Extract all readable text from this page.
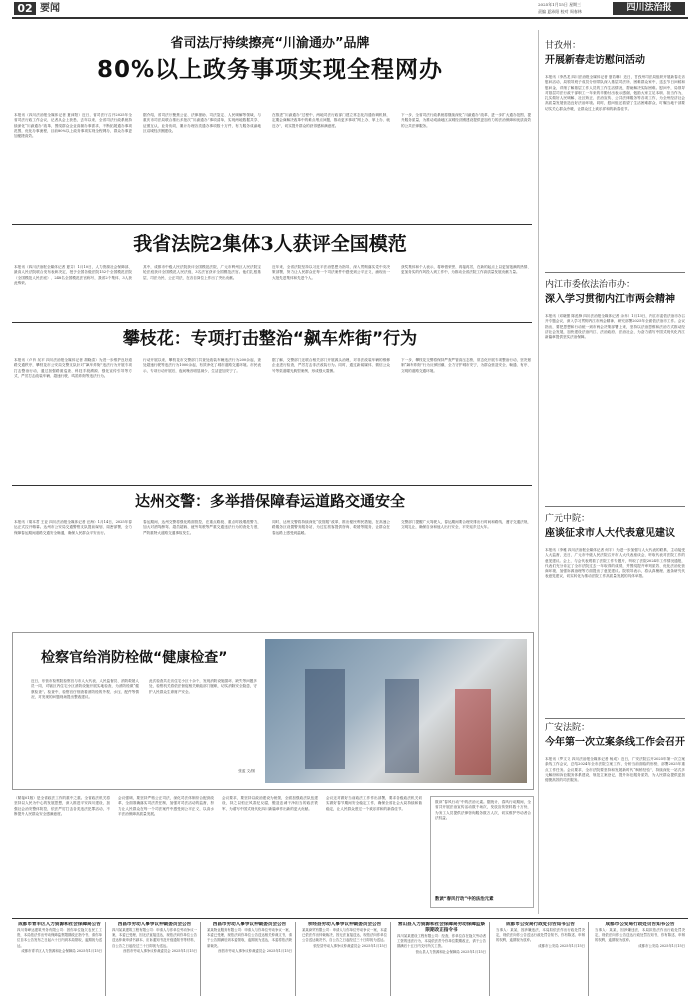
02 要闻	2025年1月15日 星期三
责编 夏沛阳 校对 周春林	四川法治报
省司法厅持续擦亮“川渝通办”品牌
80%以上政务事项实现全程网办
本报讯（四川法治报全媒体记者 夏沛阳）近日，省司法厅召开2025年全省司法行政工作会议，记者从会上获悉，去年以来，全省司法行政系统持续深化“川渝通办”改革，围绕群众企业高频办事需求，不断拓展通办事项范围，优化办事流程，目前80%以上政务事项实现全程网办，群众办事更加便捷高效。
据介绍，省司法厅聚焦公证、法律援助、司法鉴定、人民调解等领域，与重庆市司法局联合推出多批次“川渝通办”事项清单，实现两地数据共享、证照互认、业务协同，累计办理各类通办事项数十万件，有力服务成渝地区双城经济圈建设。
在推进“川渝通办”过程中，两地司法行政部门建立常态化沟通协调机制，定期会商解决改革中的难点堵点问题，推动更多事项“网上办、掌上办、就近办”，切实提升群众的获得感和满意度。
下一步，全省司法行政系统将继续深化“川渝通办”改革，进一步扩大通办范围，提升服务质量，为推动成渝地区双城经济圈建设提供更加有力的法治保障和优质高效的公共法律服务。
我省法院2集体3人获评全国模范
本报讯（四川法治报全媒体记者 夏芬）1月10日，人力资源社会保障部、最高人民法院联合发布表彰决定，授予全国各级法院152个全国模范法院（全国模范人民法庭）、248名全国模范法官称号，我省2个集体、3人获此殊荣。
其中，成都市中级人民法院获评全国模范法院，广元市利州区人民法院宝轮法庭获评全国模范人民法庭，3名法官获评全国模范法官。他们扎根基层、司法为民、公正司法，在各自岗位上作出了突出贡献。
近年来，全省法院坚持以习近平法治思想为指导，深入贯彻落实党中央决策部署，努力让人民群众在每一个司法案件中感受到公平正义，涌现出一大批先进集体和先进个人。
获奖集体和个人表示，将珍惜荣誉、再接再厉，在新的起点上以更加饱满的热情、更加务实的作风投入到工作中，为推动全省法院工作高质量发展贡献力量。
攀枝花：专项打击整治“飙车炸街”行为
本报讯（卢肖 吴平 四川法治报全媒体记者 胡晓清）为进一步维护良好道路交通秩序，攀枝花市公安局交警支队针对“飙车炸街”违法行为开展专项打击整治行动，通过加强路面巡查、科技手段溯源、强化宣传引导等方式，严厉打击改装车辆、超速行驶、鸣笛炸街等违法行为。
行动开展以来，攀枝花市交警部门共查处改装车辆违法行为200余起，查处超速行驶等违法行为1000余起，有效净化了城市道路交通环境。市民表示，专项行动开展后，夜间噪音明显减少，生活更加安宁了。
据了解，交警部门还联合相关部门开展源头治理，对非法改装车辆的维修企业进行检查，严厉打击非法改装行为。同时，通过新闻媒体、微信公众号等渠道曝光典型案例，形成强大震慑。
下一步，攀枝花交警将保持严查严管高压态势，常态化开展专项整治行动，坚决遏制“飙车炸街”行为反弹回潮，全力守护城市安宁，为群众营造安全、畅通、有序、文明的道路交通环境。
达州交警：多举措保障春运道路交通安全
本报讯（胡本君 王亚 四川法治报全媒体记者 汪海）1月14日，2025年春运正式拉开帷幕。达州市公安局交通警察支队提前谋划、周密部署，全力保障春运期间道路交通安全畅通，确保人民群众平安出行。
春运期间，达州交警将强化路面管控，在重点路段、重点时段增派警力，加大对酒驾醉驾、超员超载、疲劳驾驶等严重交通违法行为的查处力度，严防重特大道路交通事故发生。
同时，达州交警将持续深化“放管服”改革，推出便民利民措施，在高速公路服务区设置警务服务站，为过往旅客提供咨询、救援等服务，让群众在春运路上感受到温暖。
交警部门提醒广大驾驶人，春运期间要合理安排出行时间和路线，遵守交通法规，文明礼让，确保自身和他人出行安全，平安返乡过大年。
检察官给消防栓做“健康检查”
近日，东营市检察院检察官与市人大代表、人民监督员、消防救援人员一同，对辖区内住宅小区消防设施开展实地检查，为消防栓做“健康检查”。检查中，检察官仔细查看消防栓的外观、水压、配件等情况，对发现的问题现场提出整改建议。
此次检查共走访住宅小区十余个，发现消防设施损坏、缺失等问题多处，检察机关将依法督促相关职能部门履职，切实消除安全隐患，守护人民群众生命财产安全。
张蓝 文/图
（紧接01版）是全省政法工作的重中之重。全省政法机关将坚持以人民为中心的发展思想，深入推进平安四川建设，加强社会治安整体防控，依法严厉打击各类违法犯罪活动，不断提升人民群众安全感满意度。
会议强调，要坚持严格公正司法，深化司法体制综合配套改革，全面准确落实司法责任制，加强对司法活动的监督，努力让人民群众在每一个司法案件中感受到公平正义，以高水平法治保障高质量发展。
会议要求，要坚持以政治建设为统领，全面加强政法队伍建设，持之以恒正风肃纪反腐，锻造忠诚干净担当的政法铁军，为谱写中国式现代化四川新篇章作出新的更大贡献。
会议还对做好当前政法工作作出部署，要求各级政法机关切实做好春节期间安全稳定工作，确保全省社会大局持续和谐稳定，让人民群众度过一个欢乐祥和的新春佳节。
数读“春风行动”中的法治元素。据统计，春风行动期间，全省共开展法治宣传活动数千场次，发放宣传资料数十万份，为务工人员提供法律咨询服务数万人次，切实维护劳动者合法权益。
数读“春风行动”中的法治元素
甘孜州：
开展新春走访慰问活动
本报讯（李昌龙 四川法治报全媒体记者 夏若琳）近日，甘孜州司法局组织开展新春走访慰问活动，局领导班子成员分别带队深入基层司法所、困难群众家中，送去节日问候和慰问金，详细了解基层工作人员的工作生活情况，帮助解决实际困难。慰问中，局领导对基层司法行政干部职工一年来的辛勤付出表示感谢，勉励大家立足本职、担当作为，扎实做好人民调解、社区矫正、法治宣传、公共法律服务等各项工作，为全州经济社会高质量发展营造良好法治环境。同时，慰问组还看望了生活困难群众，叮嘱当地干部要切实关心群众冷暖，让群众过上欢乐祥和的新春佳节。
内江市委依法治市办：
深入学习贯彻内江市两会精神
本报讯（邓晓蕾 陈泓锋 四川法治报全媒体记者 余乔）1月13日，内江市委依法治市办召开专题会议，深入学习贯彻内江市两会精神，研究部署2025年全面依法治市工作。会议指出，要把思想和行动统一到市两会决策部署上来，坚持以法治思维和法治方式推动经济社会发展，加快建设法治内江、法治政府、法治社会，为奋力谱写中国式现代化内江新篇章提供坚实法治保障。
广元中院：
座谈征求市人大代表意见建议
本报讯（李雅 四川法治报全媒体记者 何宇）为进一步加强与人大代表的联系，主动接受人大监督，近日，广元市中级人民法院召开市人大代表座谈会，听取代表对法院工作的意见建议。会上，与会代表观看了法院工作专题片，听取了法院2024年工作情况通报，代表们充分肯定了全市法院过去一年取得的成绩，并围绕提升审判质效、优化法治化营商环境、加强诉源治理等方面提出了意见建议。院领导表示，将认真梳理、逐条研究代表意见建议，切实转化为推动法院工作高质量发展的具体举措。
广安法院：
今年第一次立案条线工作会召开
本报讯（罗文义 四川法治报全媒体记者 杨成）近日，广安法院召开2025年第一次立案条线工作会议，总结2024年全市法院立案工作，分析当前面临的形势，部署2025年重点工作任务。会议要求，全市法院要坚持和发展新时代“枫桥经验”，持续深化一站式多元解纷和诉讼服务体系建设，规范立案登记，提升诉讼服务质效，为人民群众提供更加便捷高效的司法服务。
成都市青羊区人力资源和社会保障局公告
四川青峰达建筑劳务有限公司：因你单位拖欠农民工工资，本局依法作出劳动保障监察限期改正指令书，请你单位自本公告发布之日起六十日内到本局领取，逾期视为送达。
成都市青羊区人力资源和社会保障局 2025年1月15日
西昌市劳动人事争议仲裁委员会公告
四川某某建筑工程有限公司：申请人与你单位劳动争议一案，本委已受理，因无法直接送达，现依法向你单位公告送达仲裁申请书副本、应诉通知书及开庭通知书等材料，自公告之日起经过三十日即视为送达。
西昌市劳动人事争议仲裁委员会 2025年1月15日
西昌市劳动人事争议仲裁委员会公告
某某物业服务有限公司：申请人与你单位劳动争议一案，本委已受理，现依法向你单位公告送达相关仲裁文书，请于公告期满后到本委领取，逾期视为送达，本委将依法缺席裁决。
西昌市劳动人事争议仲裁委员会 2025年1月15日
荥经县劳动人事争议仲裁委员会公告
某某商贸有限公司：申请人与你单位劳动争议一案，本委已依法作出仲裁裁决，因无法直接送达，现依法向你单位公告送达裁决书，自公告之日起经过三十日即视为送达。
荥经县劳动人事争议仲裁委员会 2025年1月15日
营山县人力资源和社会保障局劳动保障监察限期改正指令书
四川某某建设工程有限公司：经查，你单位存在拖欠劳动者工资的违法行为，本局依法责令你单位限期改正，请于公告期满后十五日内支付所欠工资。
营山县人力资源和社会保障局 2025年1月15日
成都市公安局行政处罚告知书公告
当事人：某某，因涉嫌违法，本局拟依法作出行政处罚决定，现依法向你公告送达行政处罚告知书，你有陈述、申辩的权利，逾期视为放弃。
成都市公安局 2025年1月15日
成都市公安局行政处罚告知书公告
当事人：某某，因涉嫌违法，本局拟依法作出行政处罚决定，现依法向你公告送达行政处罚告知书，你有陈述、申辩的权利，逾期视为放弃。
成都市公安局 2025年1月15日
